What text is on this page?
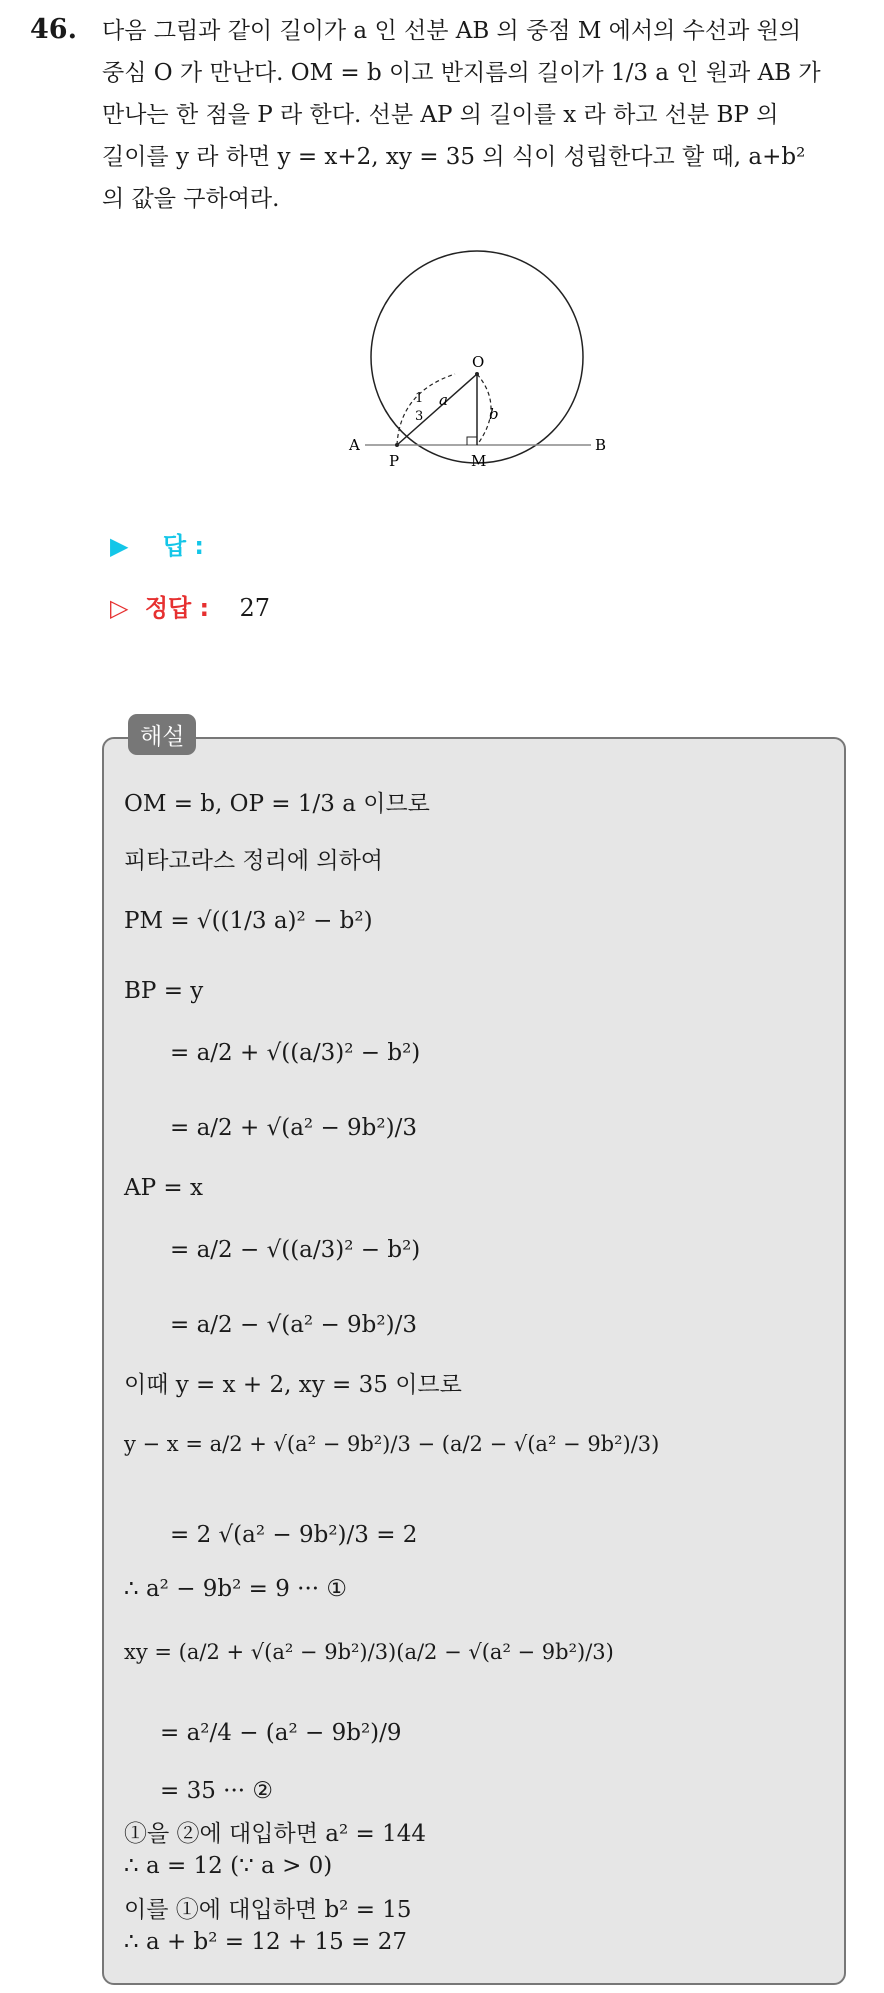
46. 다음 그림과 같이 길이가 a 인 선분 AB 의 중점 M 에서의 수선과 원의
중심 O 가 만난다. OM = b 이고 반지름의 길이가 1/3 a 인 원과 AB 가
만나는 한 점을 P 라 한다. 선분 AP 의 길이를 x 라 하고 선분 BP 의
길이를 y 라 하면 y = x+2, xy = 35 의 식이 성립한다고 할 때, a+b²
의 값을 구하여라.
O
A	B
P	M
a
b
1
3
▶ 답 :
▷ 정답 : 27
해설
OM = b, OP = 1/3 a 이므로
피타고라스 정리에 의하여
PM = √((1/3 a)² − b²)
BP = y
= a/2 + √((a/3)² − b²)
= a/2 + √(a² − 9b²)/3
AP = x
= a/2 − √((a/3)² − b²)
= a/2 − √(a² − 9b²)/3
이때 y = x + 2, xy = 35 이므로
y − x = a/2 + √(a² − 9b²)/3 − (a/2 − √(a² − 9b²)/3)
= 2 √(a² − 9b²)/3 = 2
∴ a² − 9b² = 9 ··· ①
xy = (a/2 + √(a² − 9b²)/3)(a/2 − √(a² − 9b²)/3)
= a²/4 − (a² − 9b²)/9
= 35 ··· ②
①을 ②에 대입하면 a² = 144
∴ a = 12 (∵ a > 0)
이를 ①에 대입하면 b² = 15
∴ a + b² = 12 + 15 = 27
